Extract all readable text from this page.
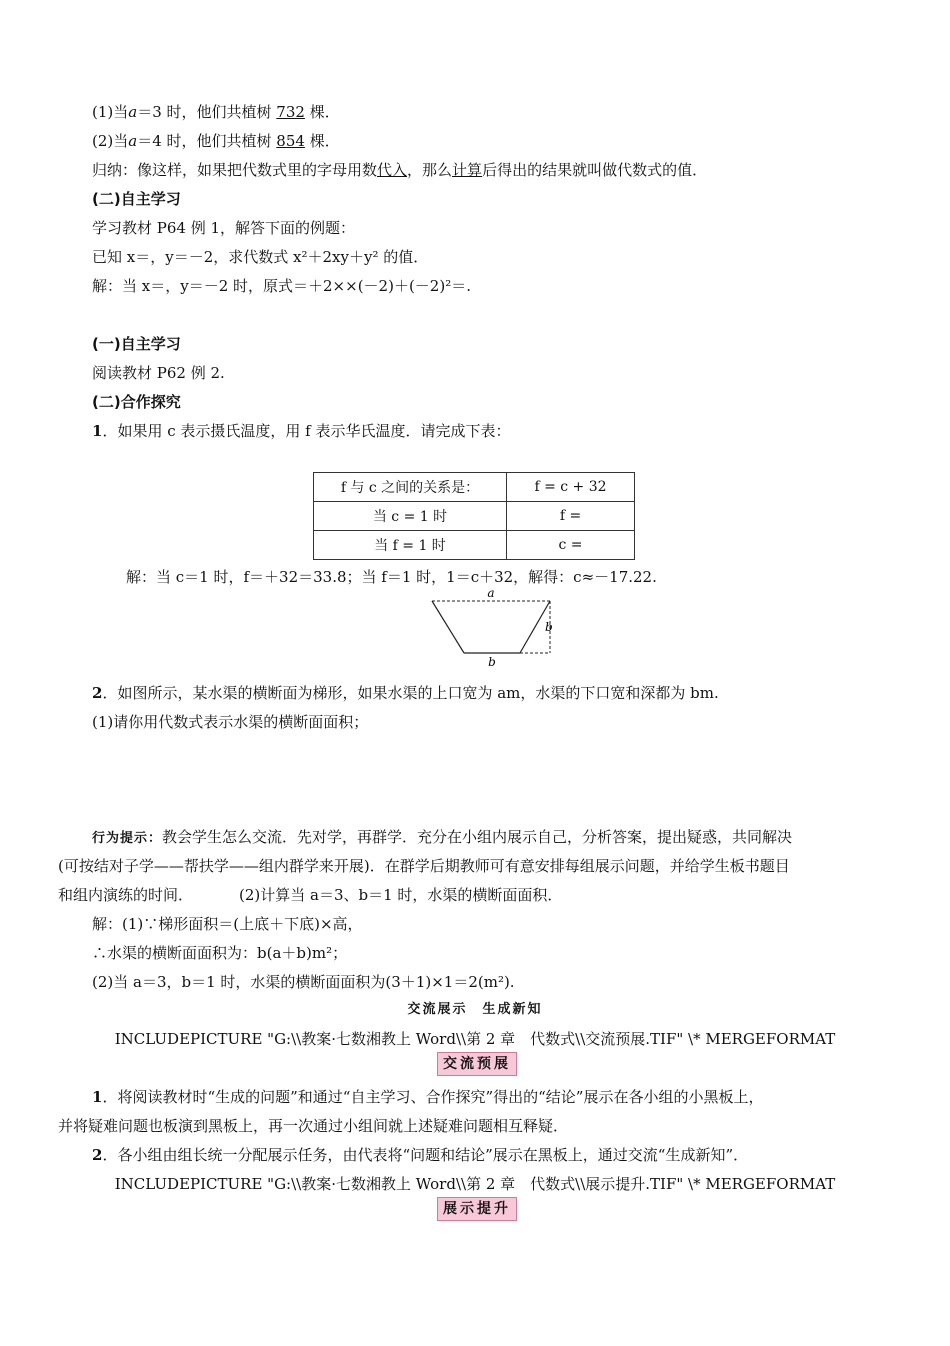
(1)当a＝3 时，他们共植树 732 棵．
(2)当a＝4 时，他们共植树 854 棵．
归纳：像这样，如果把代数式里的字母用数代入，那么计算后得出的结果就叫做代数式的值．
(二)自主学习
学习教材 P64 例 1，解答下面的例题：
已知 x＝，y＝－2，求代数式 x²＋2xy＋y² 的值．
解：当 x＝，y＝－2 时，原式＝＋2××(－2)＋(－2)²＝.
(一)自主学习
阅读教材 P62 例 2.
(二)合作探究
1．如果用 c 表示摄氏温度，用 f 表示华氏温度．请完成下表：
f 与 c 之间的关系是：	f = c + 32
当 c = 1 时	f =
当 f = 1 时	c =
解：当 c＝1 时，f＝＋32＝33.8；当 f＝1 时，1＝c＋32，解得：c≈－17.22.
a
b
b
2．如图所示，某水渠的横断面为梯形，如果水渠的上口宽为 am，水渠的下口宽和深都为 bm.
(1)请你用代数式表示水渠的横断面面积；
行为提示：教会学生怎么交流．先对学，再群学．充分在小组内展示自己，分析答案，提出疑惑，共同解决
(可按结对子学——帮扶学——组内群学来开展)．在群学后期教师可有意安排每组展示问题，并给学生板书题目
和组内演练的时间．	(2)计算当 a＝3、b＝1 时，水渠的横断面面积．
解：(1)∵梯形面积＝(上底＋下底)×高，
∴水渠的横断面面积为：b(a＋b)m²；
(2)当 a＝3，b＝1 时，水渠的横断面面积为(3＋1)×1＝2(m²).
交流展示　生成新知
INCLUDEPICTURE "G:\\教案·七数湘教上 Word\\第 2 章　代数式\\交流预展.TIF" \* MERGEFORMAT
交流预展
1．将阅读教材时“生成的问题”和通过“自主学习、合作探究”得出的“结论”展示在各小组的小黑板上，
并将疑难问题也板演到黑板上，再一次通过小组间就上述疑难问题相互释疑．
2．各小组由组长统一分配展示任务，由代表将“问题和结论”展示在黑板上，通过交流“生成新知”．
INCLUDEPICTURE "G:\\教案·七数湘教上 Word\\第 2 章　代数式\\展示提升.TIF" \* MERGEFORMAT
展示提升
